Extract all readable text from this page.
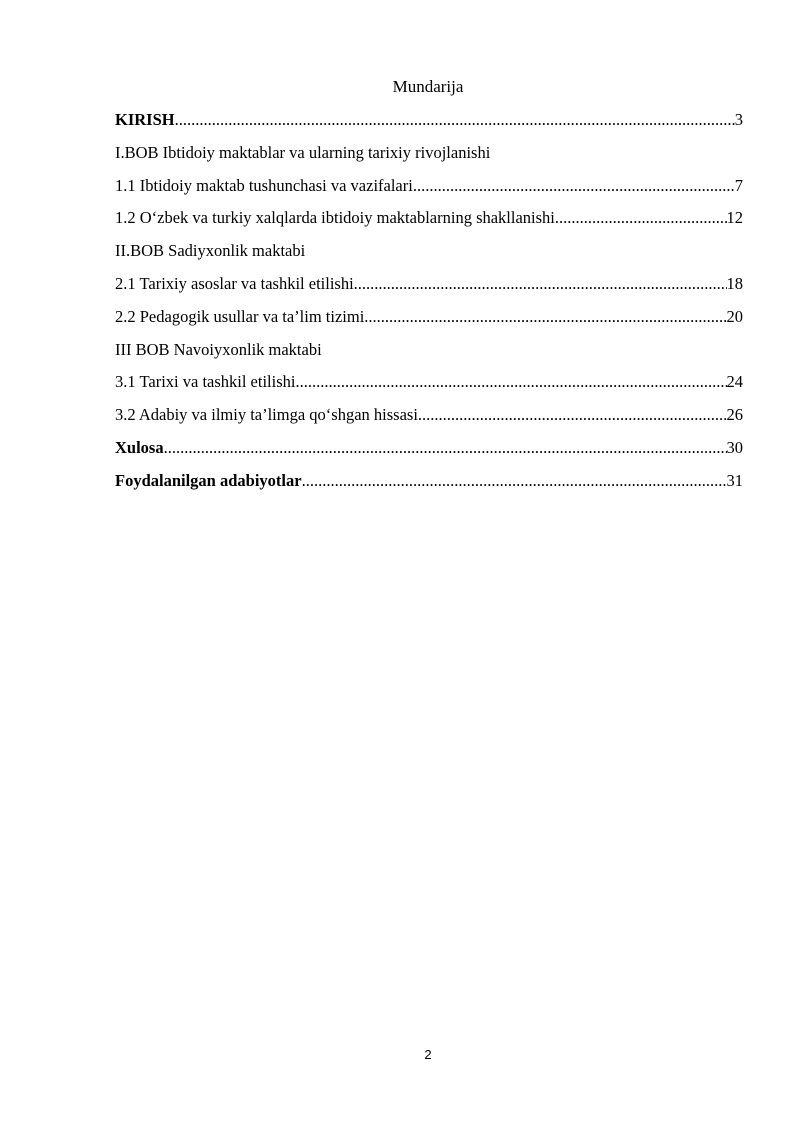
Mundarija
KIRISH .....	3
I.BOB Ibtidoiy maktablar va ularning tarixiy rivojlanishi
1.1 Ibtidoiy maktab tushunchasi va vazifalari .....	7
1.2 O‘zbek va turkiy xalqlarda ibtidoiy maktablarning shakllanishi .....	12
II.BOB Sadiyxonlik maktabi
2.1 Tarixiy asoslar va tashkil etilishi .....	18
2.2 Pedagogik usullar va ta’lim tizimi .....	20
III BOB Navoiyxonlik maktabi
3.1 Tarixi va tashkil etilishi .....	24
3.2 Adabiy va ilmiy ta’limga qo‘shgan hissasi .....	26
Xulosa .....	30
Foydalanilgan adabiyotlar .....	31
2
